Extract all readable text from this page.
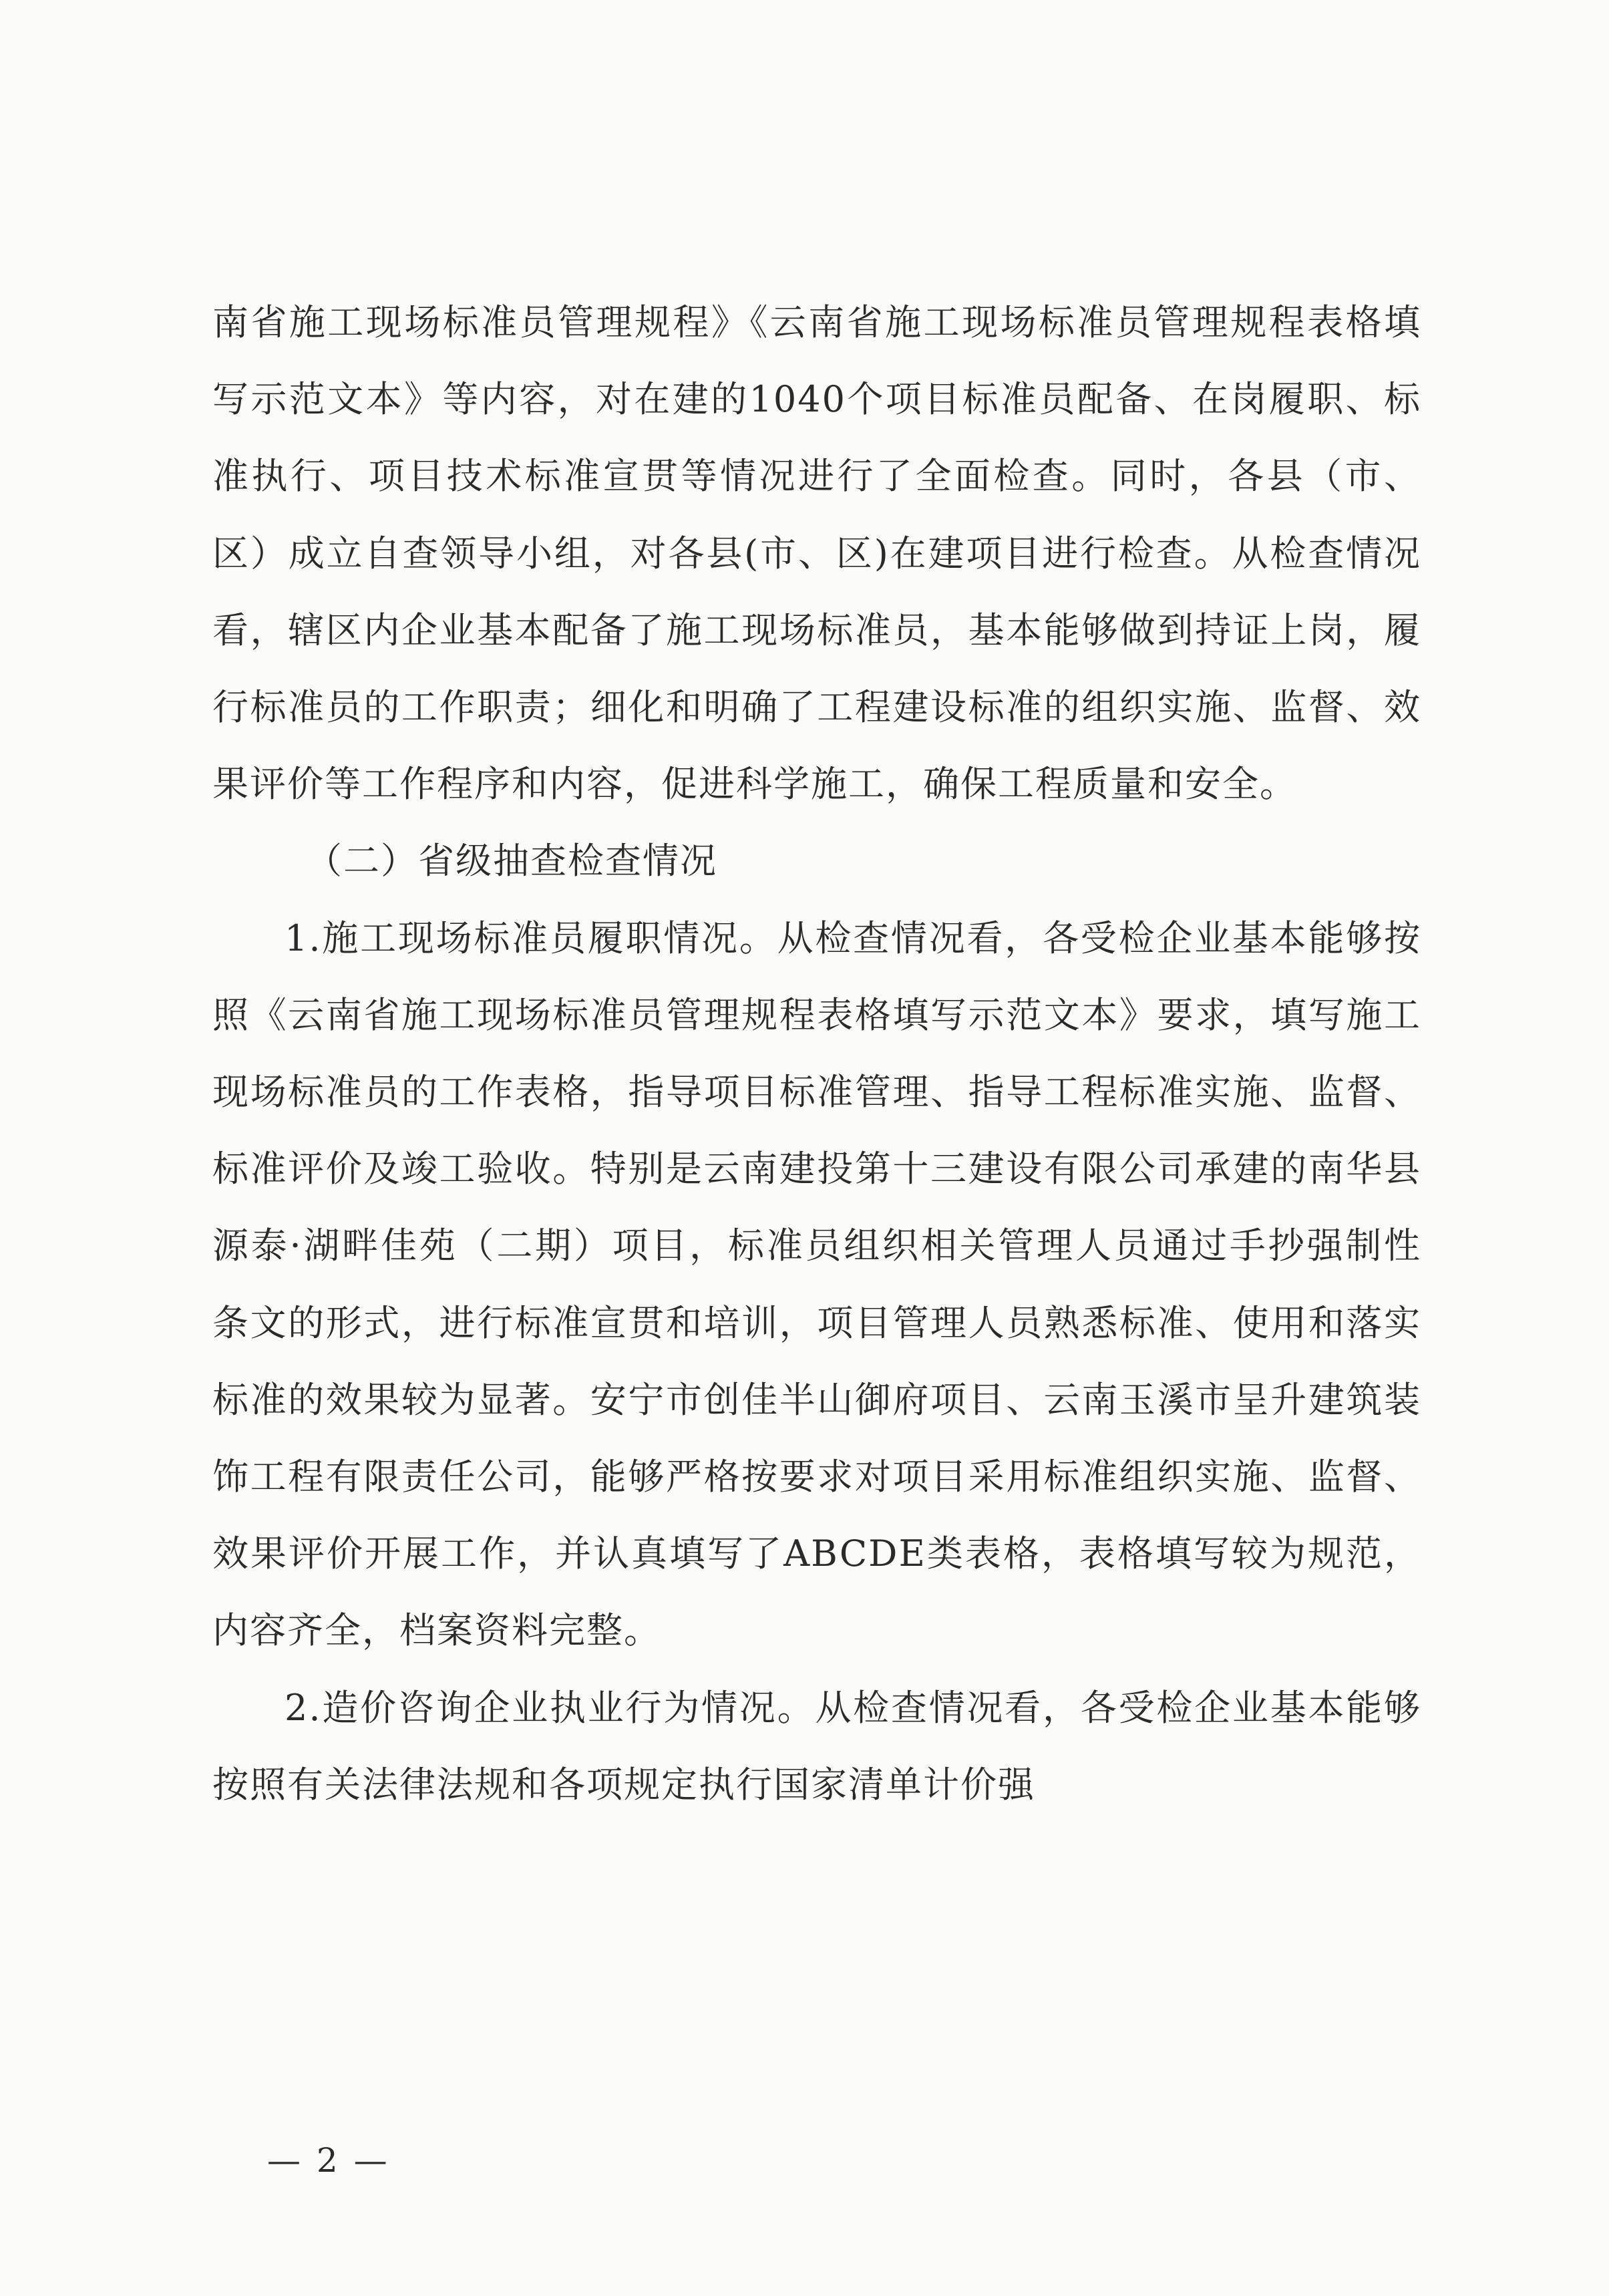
南省施工现场标准员管理规程》《云南省施工现场标准员管理规程表格填写示范文本》等内容，对在建的1040个项目标准员配备、在岗履职、标准执行、项目技术标准宣贯等情况进行了全面检查。同时，各县（市、区）成立自查领导小组，对各县(市、区)在建项目进行检查。从检查情况看，辖区内企业基本配备了施工现场标准员，基本能够做到持证上岗，履行标准员的工作职责；细化和明确了工程建设标准的组织实施、监督、效果评价等工作程序和内容，促进科学施工，确保工程质量和安全。

（二）省级抽查检查情况

1.施工现场标准员履职情况。从检查情况看，各受检企业基本能够按照《云南省施工现场标准员管理规程表格填写示范文本》要求，填写施工现场标准员的工作表格，指导项目标准管理、指导工程标准实施、监督、标准评价及竣工验收。特别是云南建投第十三建设有限公司承建的南华县源泰·湖畔佳苑（二期）项目，标准员组织相关管理人员通过手抄强制性条文的形式，进行标准宣贯和培训，项目管理人员熟悉标准、使用和落实标准的效果较为显著。安宁市创佳半山御府项目、云南玉溪市呈升建筑装饰工程有限责任公司，能够严格按要求对项目采用标准组织实施、监督、效果评价开展工作，并认真填写了ABCDE类表格，表格填写较为规范，内容齐全，档案资料完整。

2.造价咨询企业执业行为情况。从检查情况看，各受检企业基本能够按照有关法律法规和各项规定执行国家清单计价强

— 2 —
